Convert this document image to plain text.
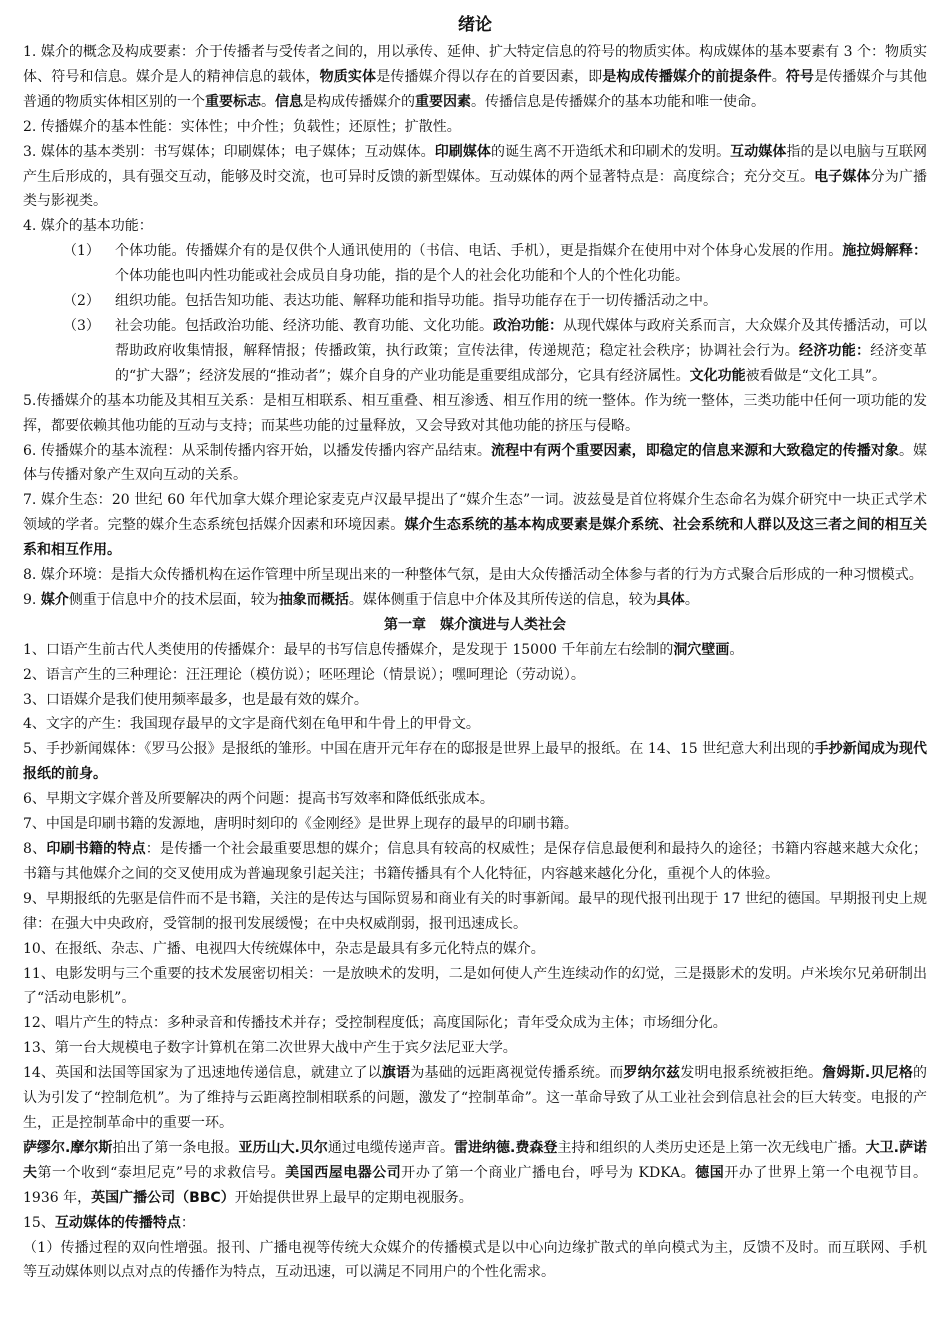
绪论

1. 媒介的概念及构成要素：介于传播者与受传者之间的，用以承传、延伸、扩大特定信息的符号的物质实体。构成媒体的基本要素有 3 个：物质实体、符号和信息。媒介是人的精神信息的载体，物质实体是传播媒介得以存在的首要因素，即是构成传播媒介的前提条件。符号是传播媒介与其他普通的物质实体相区别的一个重要标志。信息是构成传播媒介的重要因素。传播信息是传播媒介的基本功能和唯一使命。

2. 传播媒介的基本性能：实体性；中介性；负载性；还原性；扩散性。

3. 媒体的基本类别：书写媒体；印刷媒体；电子媒体；互动媒体。印刷媒体的诞生离不开造纸术和印刷术的发明。互动媒体指的是以电脑与互联网产生后形成的，具有强交互动，能够及时交流，也可异时反馈的新型媒体。互动媒体的两个显著特点是：高度综合；充分交互。电子媒体分为广播类与影视类。

4. 媒介的基本功能：

（1）	个体功能。传播媒介有的是仅供个人通讯使用的（书信、电话、手机），更是指媒介在使用中对个体身心发展的作用。施拉姆解释：个体功能也叫内性功能或社会成员自身功能，指的是个人的社会化功能和个人的个性化功能。
（2）	组织功能。包括告知功能、表达功能、解释功能和指导功能。指导功能存在于一切传播活动之中。
（3）	社会功能。包括政治功能、经济功能、教育功能、文化功能。政治功能：从现代媒体与政府关系而言，大众媒介及其传播活动，可以帮助政府收集情报，解释情报；传播政策，执行政策；宣传法律，传递规范；稳定社会秩序；协调社会行为。经济功能：经济变革的“扩大器”；经济发展的“推动者”；媒介自身的产业功能是重要组成部分，它具有经济属性。文化功能被看做是“文化工具”。

5.传播媒介的基本功能及其相互关系：是相互相联系、相互重叠、相互渗透、相互作用的统一整体。作为统一整体，三类功能中任何一项功能的发挥，都要依赖其他功能的互动与支持；而某些功能的过量释放，又会导致对其他功能的挤压与侵略。

6. 传播媒介的基本流程：从采制传播内容开始，以播发传播内容产品结束。流程中有两个重要因素，即稳定的信息来源和大致稳定的传播对象。媒体与传播对象产生双向互动的关系。

7. 媒介生态：20 世纪 60 年代加拿大媒介理论家麦克卢汉最早提出了“媒介生态”一词。波兹曼是首位将媒介生态命名为媒介研究中一块正式学术领域的学者。完整的媒介生态系统包括媒介因素和环境因素。媒介生态系统的基本构成要素是媒介系统、社会系统和人群以及这三者之间的相互关系和相互作用。

8. 媒介环境：是指大众传播机构在运作管理中所呈现出来的一种整体气氛，是由大众传播活动全体参与者的行为方式聚合后形成的一种习惯模式。

9. 媒介侧重于信息中介的技术层面，较为抽象而概括。媒体侧重于信息中介体及其所传送的信息，较为具体。

第一章　媒介演进与人类社会

1、口语产生前古代人类使用的传播媒介：最早的书写信息传播媒介，是发现于 15000 千年前左右绘制的洞穴壁画。

2、语言产生的三种理论：汪汪理论（模仿说）；呸呸理论（情景说）；嘿呵理论（劳动说）。

3、口语媒介是我们使用频率最多，也是最有效的媒介。

4、文字的产生：我国现存最早的文字是商代刻在龟甲和牛骨上的甲骨文。

5、手抄新闻媒体：《罗马公报》是报纸的雏形。中国在唐开元年存在的邸报是世界上最早的报纸。在 14、15 世纪意大利出现的手抄新闻成为现代报纸的前身。

6、早期文字媒介普及所要解决的两个问题：提高书写效率和降低纸张成本。

7、中国是印刷书籍的发源地，唐明时刻印的《金刚经》是世界上现存的最早的印刷书籍。

8、印刷书籍的特点：是传播一个社会最重要思想的媒介；信息具有较高的权威性；是保存信息最便利和最持久的途径；书籍内容越来越大众化；书籍与其他媒介之间的交叉使用成为普遍现象引起关注；书籍传播具有个人化特征，内容越来越化分化，重视个人的体验。

9、早期报纸的先驱是信件而不是书籍，关注的是传达与国际贸易和商业有关的时事新闻。最早的现代报刊出现于 17 世纪的德国。早期报刊史上规律：在强大中央政府，受管制的报刊发展缓慢；在中央权威削弱，报刊迅速成长。

10、在报纸、杂志、广播、电视四大传统媒体中，杂志是最具有多元化特点的媒介。

11、电影发明与三个重要的技术发展密切相关：一是放映术的发明，二是如何使人产生连续动作的幻觉，三是摄影术的发明。卢米埃尔兄弟研制出了“活动电影机”。

12、唱片产生的特点：多种录音和传播技术并存；受控制程度低；高度国际化；青年受众成为主体；市场细分化。

13、第一台大规模电子数字计算机在第二次世界大战中产生于宾夕法尼亚大学。

14、英国和法国等国家为了迅速地传递信息，就建立了以旗语为基础的远距离视觉传播系统。而罗纳尔兹发明电报系统被拒绝。詹姆斯.贝尼格的认为引发了“控制危机”。为了维持与云距离控制相联系的问题，激发了“控制革命”。这一革命导致了从工业社会到信息社会的巨大转变。电报的产生，正是控制革命中的重要一环。

萨缪尔.摩尔斯拍出了第一条电报。亚历山大.贝尔通过电缆传递声音。雷进纳德.费森登主持和组织的人类历史还是上第一次无线电广播。大卫.萨诺夫第一个收到“泰坦尼克”号的求救信号。美国西屋电器公司开办了第一个商业广播电台，呼号为 KDKA。德国开办了世界上第一个电视节目。1936 年，英国广播公司（BBC）开始提供世界上最早的定期电视服务。

15、互动媒体的传播特点：

（1）传播过程的双向性增强。报刊、广播电视等传统大众媒介的传播模式是以中心向边缘扩散式的单向模式为主，反馈不及时。而互联网、手机等互动媒体则以点对点的传播作为特点，互动迅速，可以满足不同用户的个性化需求。
